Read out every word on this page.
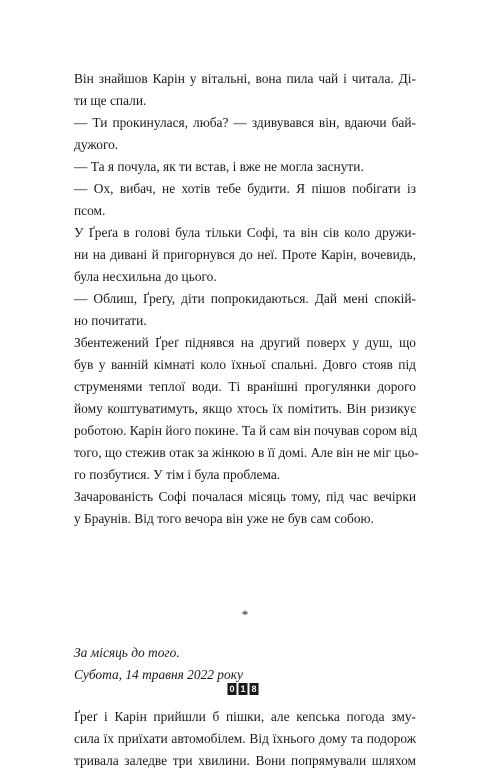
Він знайшов Карін у вітальні, вона пила чай і читала. Ді-
ти ще спали.
— Ти прокинулася, люба? — здивувався він, вдаючи бай-
дужого.
— Та я почула, як ти встав, і вже не могла заснути.
— Ох, вибач, не хотів тебе будити. Я пішов побігати із
псом.
У Ґреґа в голові була тільки Софі, та він сів коло дружи-
ни на дивані й пригорнувся до неї. Проте Карін, вочевидь,
була несхильна до цього.
— Облиш, Ґреґу, діти попрокидаються. Дай мені спокій-
но почитати.
Збентежений Ґреґ піднявся на другий поверх у душ, що
був у ванній кімнаті коло їхньої спальні. Довго стояв під
струменями теплої води. Ті вранішні прогулянки дорого
йому коштуватимуть, якщо хтось їх помітить. Він ризикує
роботою. Карін його покине. Та й сам він почував сором від
того, що стежив отак за жінкою в її домі. Але він не міг цьо-
го позбутися. У тім і була проблема.
Зачарованість Софі почалася місяць тому, під час вечірки
у Браунів. Від того вечора він уже не був сам собою.
*
За місяць до того.
Субота, 14 травня 2022 року
Ґреґ і Карін прийшли б пішки, але кепська погода зму-
сила їх приїхати автомобілем. Від їхнього дому та подорож
тривала заледве три хвилини. Вони попрямували шляхом
0 1 8
